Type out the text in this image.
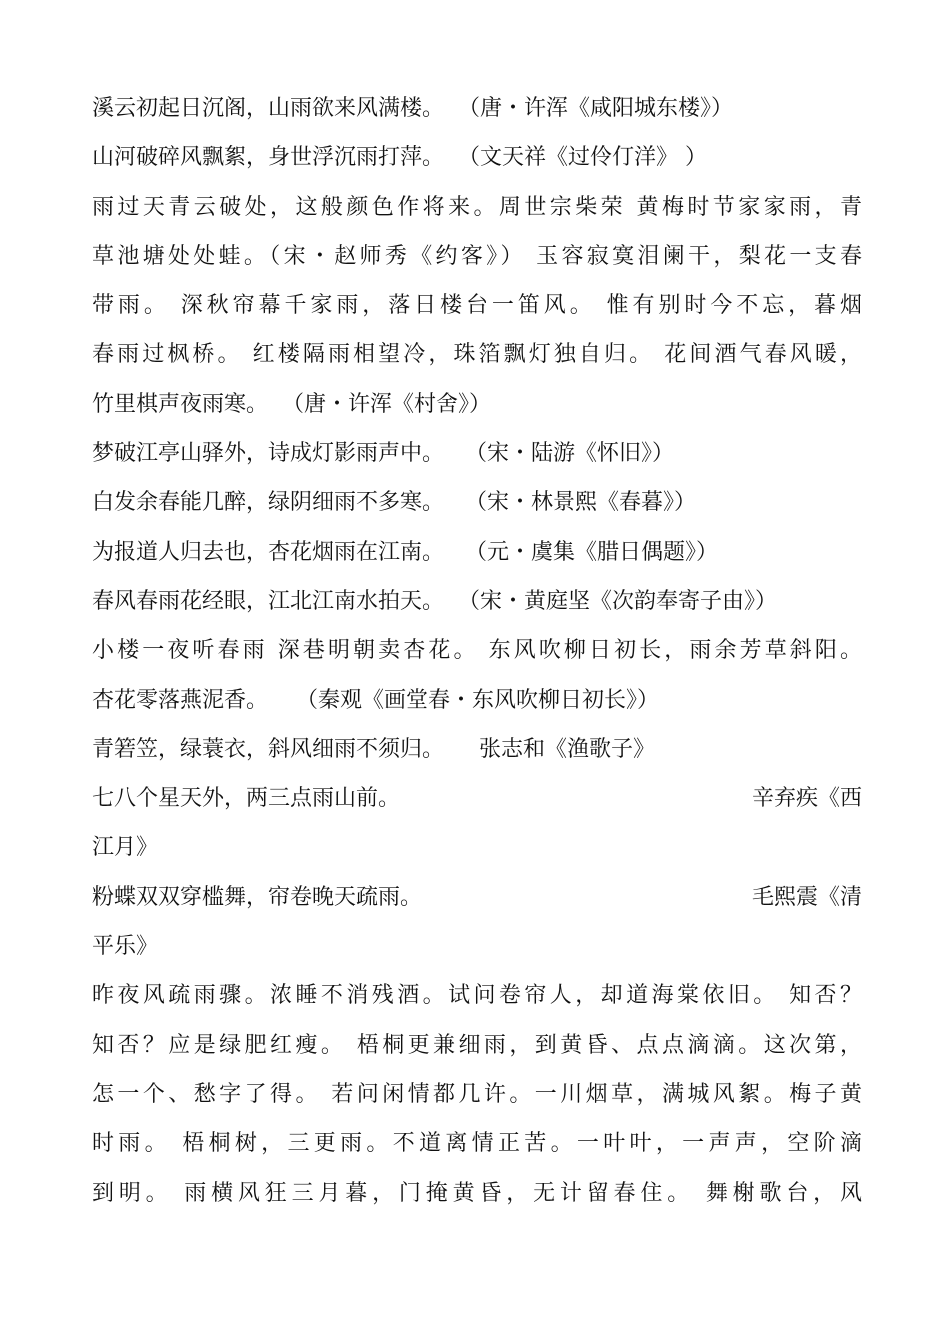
溪云初起日沉阁，山雨欲来风满楼。  （唐・许浑《咸阳城东楼》）
山河破碎风飘絮，身世浮沉雨打萍。  （文天祥《过伶仃洋》 ）
雨过天青云破处，这般颜色作将来。周世宗柴荣 黄梅时节家家雨，青
草池塘处处蛙。（宋・赵师秀《约客》） 玉容寂寞泪阑干，梨花一支春
带雨。 深秋帘幕千家雨，落日楼台一笛风。 惟有别时今不忘，暮烟
春雨过枫桥。 红楼隔雨相望冷，珠箔飘灯独自归。 花间酒气春风暖，
竹里棋声夜雨寒。  （唐・许浑《村舍》）
梦破江亭山驿外，诗成灯影雨声中。   （宋・陆游《怀旧》）
白发余春能几醉，绿阴细雨不多寒。   （宋・林景熙《春暮》）
为报道人归去也，杏花烟雨在江南。   （元・虞集《腊日偶题》）
春风春雨花经眼，江北江南水拍天。  （宋・黄庭坚《次韵奉寄子由》）
小楼一夜听春雨 深巷明朝卖杏花。 东风吹柳日初长，雨余芳草斜阳。
杏花零落燕泥香。    （秦观《画堂春・东风吹柳日初长》）
青箬笠，绿蓑衣，斜风细雨不须归。     张志和《渔歌子》
七八个星天外，两三点雨山前。	辛弃疾《西
江月》
粉蝶双双穿槛舞，帘卷晚天疏雨。	毛熙震《清
平乐》
昨夜风疏雨骤。浓睡不消残酒。试问卷帘人，却道海棠依旧。 知否？
知否？应是绿肥红瘦。 梧桐更兼细雨，到黄昏、点点滴滴。这次第，
怎一个、愁字了得。 若问闲情都几许。一川烟草，满城风絮。梅子黄
时雨。 梧桐树，三更雨。不道离情正苦。一叶叶，一声声，空阶滴
到明。 雨横风狂三月暮，门掩黄昏，无计留春住。 舞榭歌台，风
